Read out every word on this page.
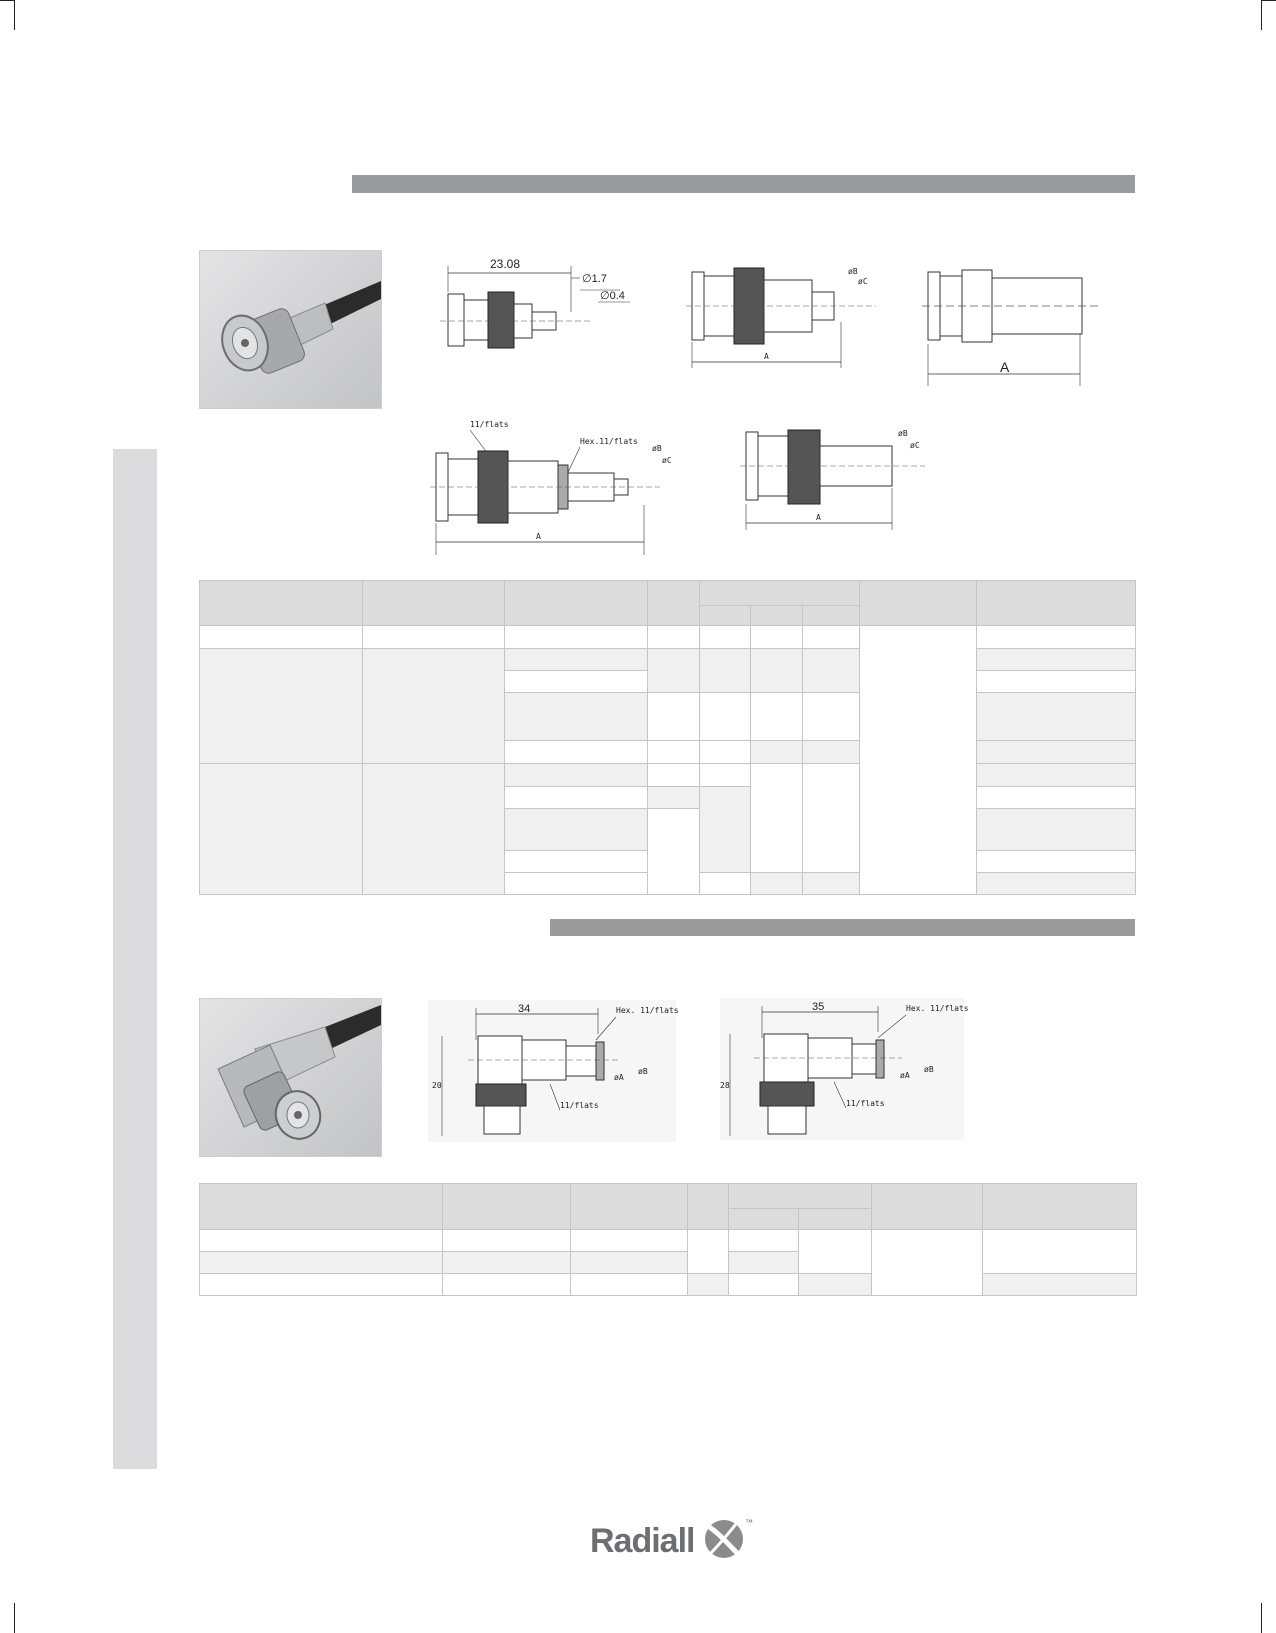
23.08
∅1.7
∅0.4
øB
øC
A
A
11/flats
Hex.11/flats
øB
øC
A
øB
øC
A

34	Hex. 11/flats
øA
øB
20
11/flats
35	Hex. 11/flats
øA
øB
28
11/flats

Radiall	™
